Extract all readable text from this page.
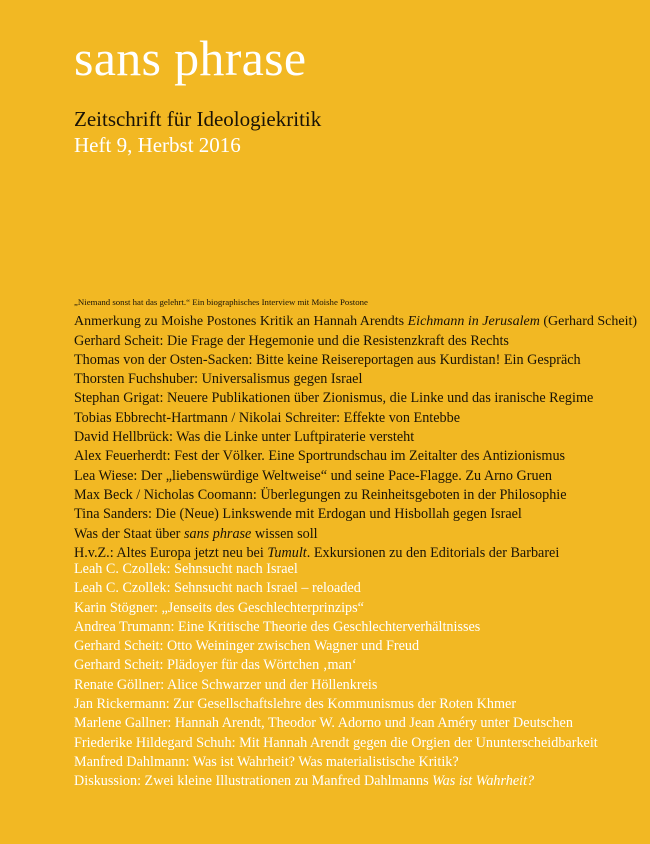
sans phrase
Zeitschrift für Ideologiekritik
Heft 9, Herbst 2016
„Niemand sonst hat das gelehrt.“ Ein biographisches Interview mit Moishe Postone
Anmerkung zu Moishe Postones Kritik an Hannah Arendts Eichmann in Jerusalem (Gerhard Scheit)
Gerhard Scheit: Die Frage der Hegemonie und die Resistenzkraft des Rechts
Thomas von der Osten-Sacken: Bitte keine Reisereportagen aus Kurdistan! Ein Gespräch
Thorsten Fuchshuber: Universalismus gegen Israel
Stephan Grigat: Neuere Publikationen über Zionismus, die Linke und das iranische Regime
Tobias Ebbrecht-Hartmann / Nikolai Schreiter: Effekte von Entebbe
David Hellbrück: Was die Linke unter Luftpiraterie versteht
Alex Feuerherdt: Fest der Völker. Eine Sportrundschau im Zeitalter des Antizionismus
Lea Wiese: Der „liebenswürdige Weltweise“ und seine Pace-Flagge. Zu Arno Gruen
Max Beck / Nicholas Coomann: Überlegungen zu Reinheitsgeboten in der Philosophie
Tina Sanders: Die (Neue) Linkswende mit Erdogan und Hisbollah gegen Israel
Was der Staat über sans phrase wissen soll
H.v.Z.: Altes Europa jetzt neu bei Tumult. Exkursionen zu den Editorials der Barbarei
Leah C. Czollek: Sehnsucht nach Israel
Leah C. Czollek: Sehnsucht nach Israel – reloaded
Karin Stögner: „Jenseits des Geschlechterprinzips“
Andrea Trumann: Eine Kritische Theorie des Geschlechterverhältnisses
Gerhard Scheit: Otto Weininger zwischen Wagner und Freud
Gerhard Scheit: Plädoyer für das Wörtchen ‚man‘
Renate Göllner: Alice Schwarzer und der Höllenkreis
Jan Rickermann: Zur Gesellschaftslehre des Kommunismus der Roten Khmer
Marlene Gallner: Hannah Arendt, Theodor W. Adorno und Jean Améry unter Deutschen
Friederike Hildegard Schuh: Mit Hannah Arendt gegen die Orgien der Ununterscheidbarkeit
Manfred Dahlmann: Was ist Wahrheit? Was materialistische Kritik?
Diskussion: Zwei kleine Illustrationen zu Manfred Dahlmanns Was ist Wahrheit?
